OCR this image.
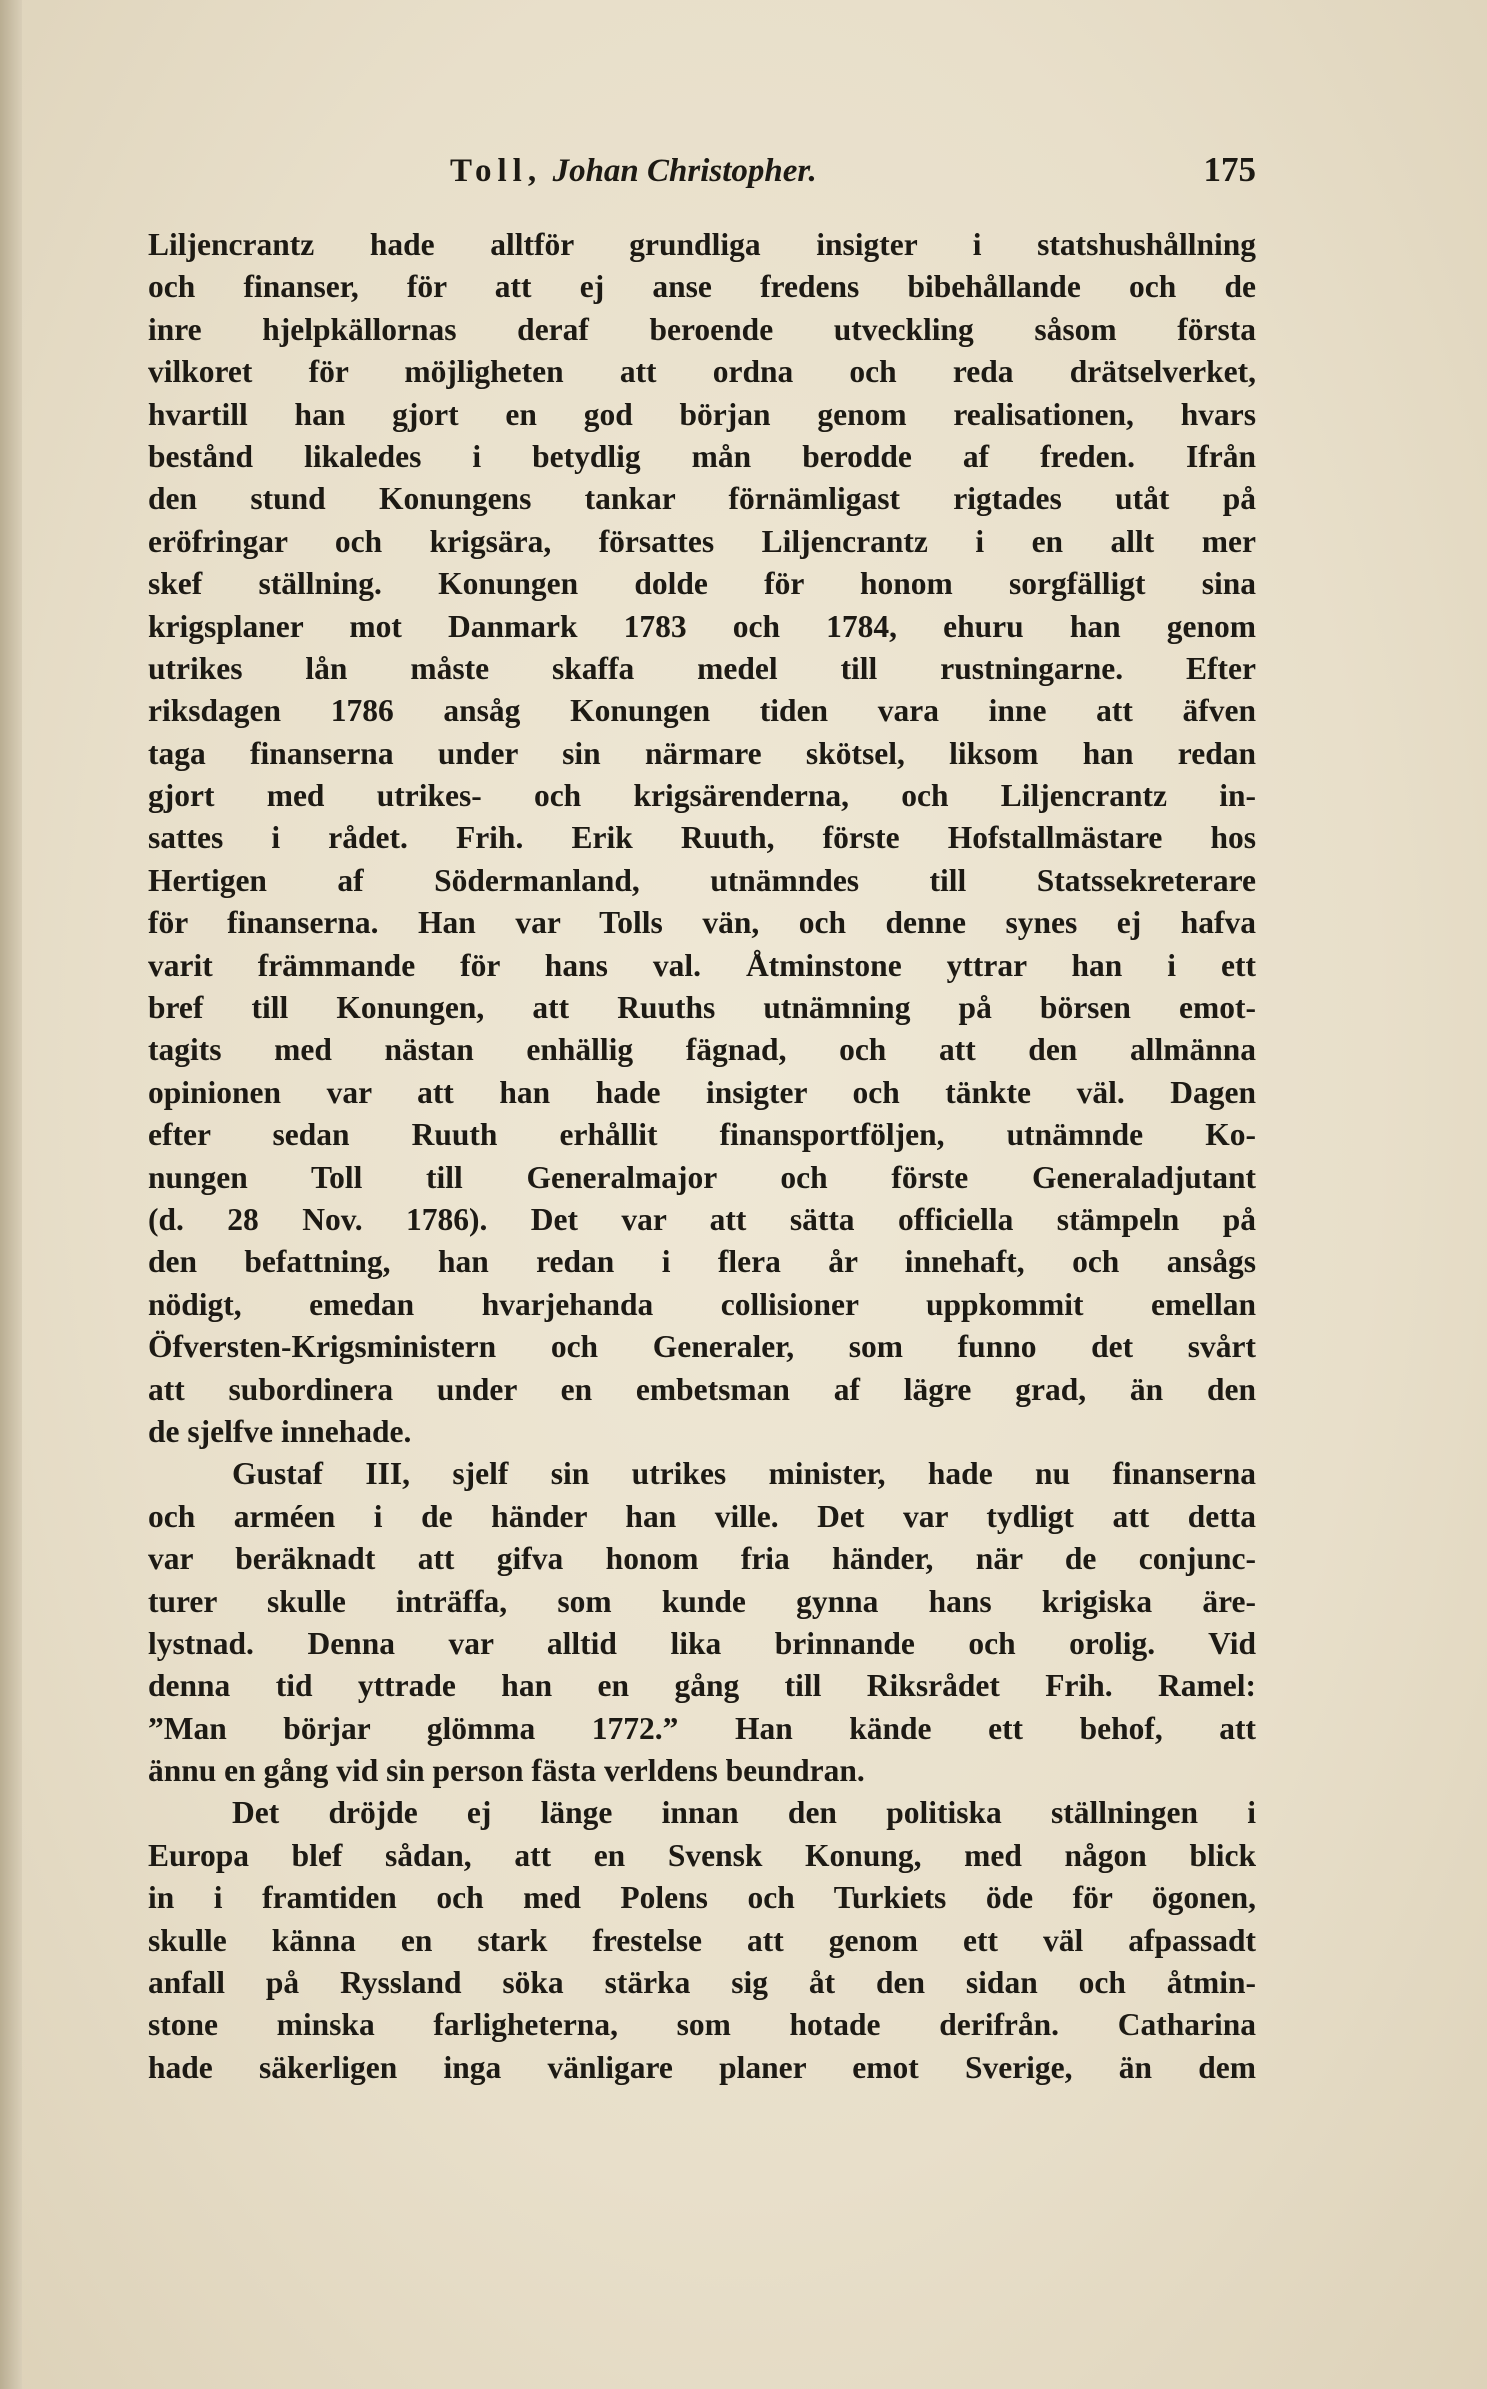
Toll, Johan Christopher.	175
Liljencrantz hade alltför grundliga insigter i statshushållning
och finanser, för att ej anse fredens bibehållande och de
inre hjelpkällornas deraf beroende utveckling såsom första
vilkoret för möjligheten att ordna och reda drätselverket,
hvartill han gjort en god början genom realisationen, hvars
bestånd likaledes i betydlig mån berodde af freden. Ifrån
den stund Konungens tankar förnämligast rigtades utåt på
eröfringar och krigsära, försattes Liljencrantz i en allt mer
skef ställning. Konungen dolde för honom sorgfälligt sina
krigsplaner mot Danmark 1783 och 1784, ehuru han genom
utrikes lån måste skaffa medel till rustningarne. Efter
riksdagen 1786 ansåg Konungen tiden vara inne att äfven
taga finanserna under sin närmare skötsel, liksom han redan
gjort med utrikes- och krigsärenderna, och Liljencrantz in-
sattes i rådet. Frih. Erik Ruuth, förste Hofstallmästare hos
Hertigen af Södermanland, utnämndes till Statssekreterare
för finanserna. Han var Tolls vän, och denne synes ej hafva
varit främmande för hans val. Åtminstone yttrar han i ett
bref till Konungen, att Ruuths utnämning på börsen emot-
tagits med nästan enhällig fägnad, och att den allmänna
opinionen var att han hade insigter och tänkte väl. Dagen
efter sedan Ruuth erhållit finansportföljen, utnämnde Ko-
nungen Toll till Generalmajor och förste Generaladjutant
(d. 28 Nov. 1786). Det var att sätta officiella stämpeln på
den befattning, han redan i flera år innehaft, och ansågs
nödigt, emedan hvarjehanda collisioner uppkommit emellan
Öfversten-Krigsministern och Generaler, som funno det svårt
att subordinera under en embetsman af lägre grad, än den
de sjelfve innehade.
Gustaf III, sjelf sin utrikes minister, hade nu finanserna
och arméen i de händer han ville. Det var tydligt att detta
var beräknadt att gifva honom fria händer, när de conjunc-
turer skulle inträffa, som kunde gynna hans krigiska äre-
lystnad. Denna var alltid lika brinnande och orolig. Vid
denna tid yttrade han en gång till Riksrådet Frih. Ramel:
”Man börjar glömma 1772.” Han kände ett behof, att
ännu en gång vid sin person fästa verldens beundran.
Det dröjde ej länge innan den politiska ställningen i
Europa blef sådan, att en Svensk Konung, med någon blick
in i framtiden och med Polens och Turkiets öde för ögonen,
skulle känna en stark frestelse att genom ett väl afpassadt
anfall på Ryssland söka stärka sig åt den sidan och åtmin-
stone minska farligheterna, som hotade derifrån. Catharina
hade säkerligen inga vänligare planer emot Sverige, än dem
